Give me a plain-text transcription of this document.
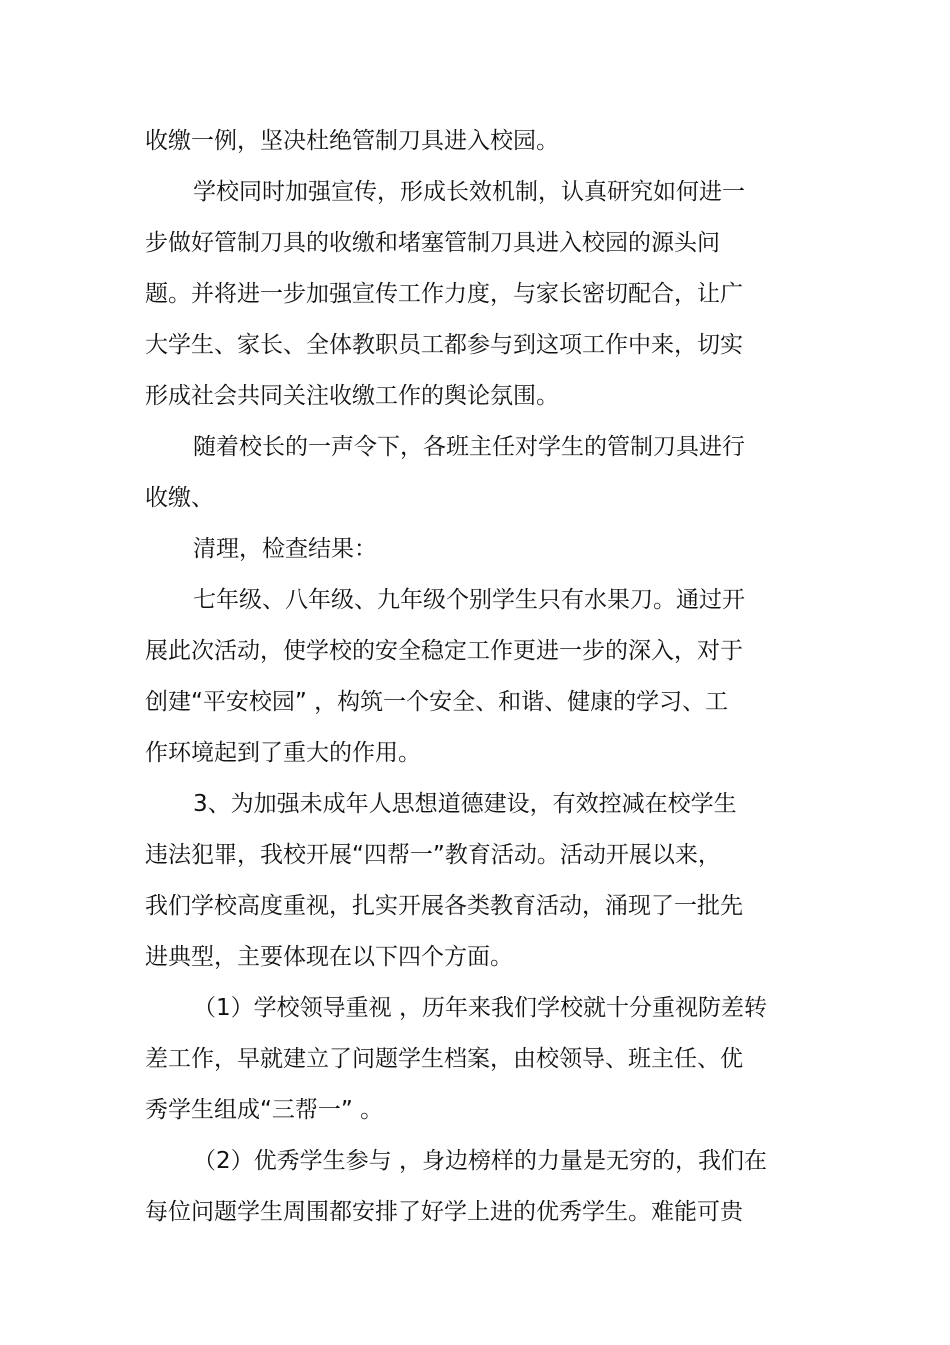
收缴一例，坚决杜绝管制刀具进入校园。
学校同时加强宣传，形成长效机制，认真研究如何进一
步做好管制刀具的收缴和堵塞管制刀具进入校园的源头问
题。并将进一步加强宣传工作力度，与家长密切配合，让广
大学生、家长、全体教职员工都参与到这项工作中来，切实
形成社会共同关注收缴工作的舆论氛围。
随着校长的一声令下，各班主任对学生的管制刀具进行
收缴、
清理，检查结果：
七年级、八年级、九年级个别学生只有水果刀。通过开
展此次活动，使学校的安全稳定工作更进一步的深入，对于
创建“平安校园” ，构筑一个安全、和谐、健康的学习、工
作环境起到了重大的作用。
3、为加强未成年人思想道德建设，有效控减在校学生
违法犯罪，我校开展“四帮一”教育活动。活动开展以来，
我们学校高度重视，扎实开展各类教育活动，涌现了一批先
进典型，主要体现在以下四个方面。
（1）学校领导重视 ，历年来我们学校就十分重视防差转
差工作，早就建立了问题学生档案，由校领导、班主任、优
秀学生组成“三帮一” 。
（2）优秀学生参与 ，身边榜样的力量是无穷的，我们在
每位问题学生周围都安排了好学上进的优秀学生。难能可贵
